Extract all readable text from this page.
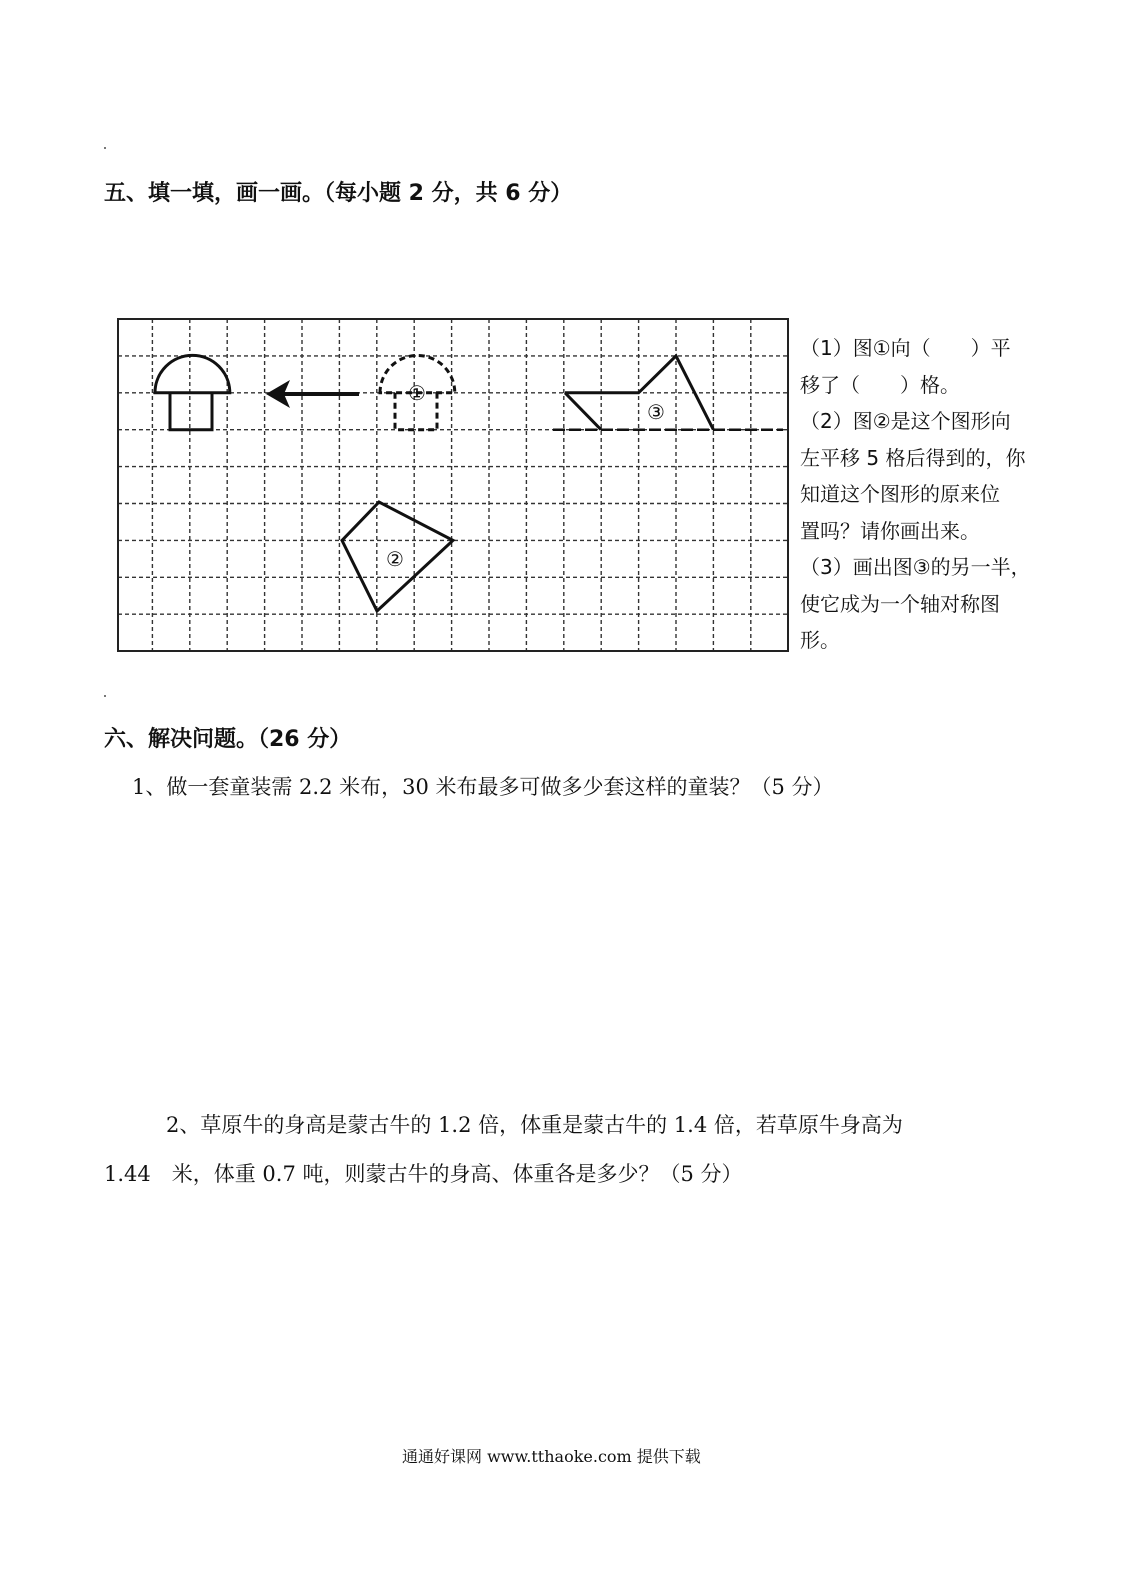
五、填一填，画一画。（每小题 2 分，共 6 分）
①
③
②
（1）图①向（　　）平
移了（　　）格。
（2）图②是这个图形向
左平移 5 格后得到的，你
知道这个图形的原来位
置吗？请你画出来。
（3）画出图③的另一半，
使它成为一个轴对称图
形。
六、解决问题。（26 分）
1、做一套童装需 2.2 米布，30 米布最多可做多少套这样的童装？（5 分）
2、草原牛的身高是蒙古牛的 1.2 倍，体重是蒙古牛的 1.4 倍，若草原牛身高为
1.44　米，体重 0.7 吨，则蒙古牛的身高、体重各是多少？（5 分）
通通好课网 www.tthaoke.com 提供下载
